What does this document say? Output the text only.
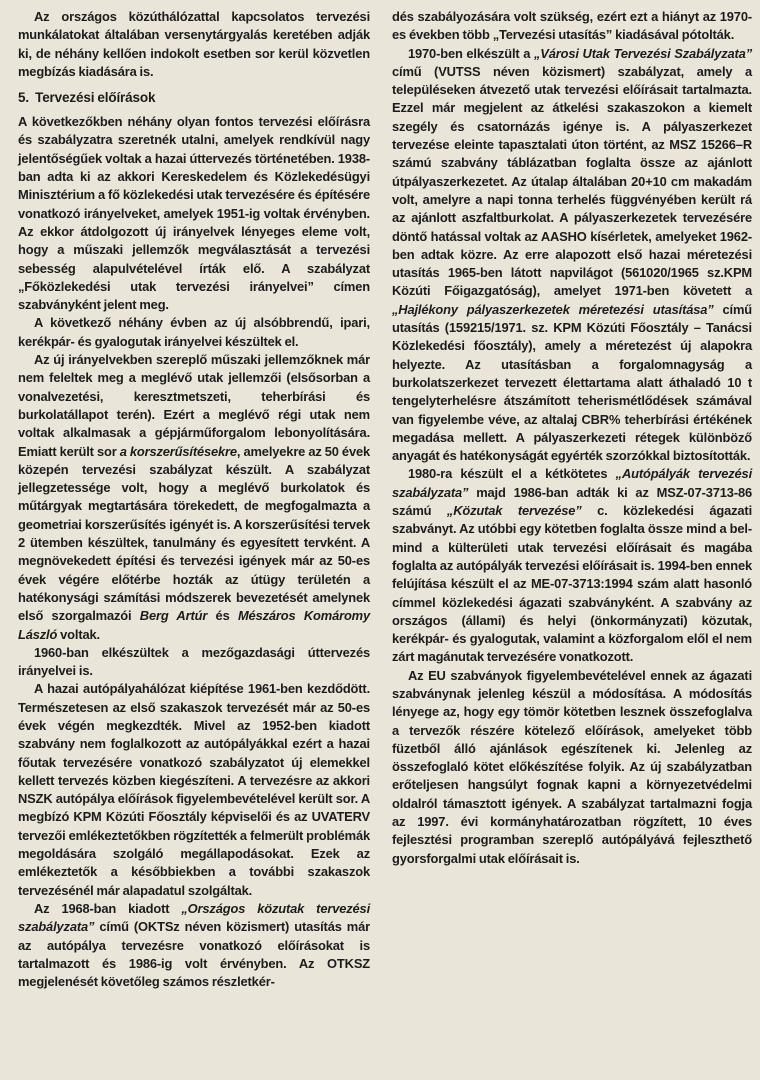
Az országos közúthálózattal kapcsolatos tervezési munkálatokat általában versenytárgyalás keretében adják ki, de néhány kellően indokolt esetben sor kerül közvetlen megbízás kiadására is.

5. Tervezési előírások

A következőkben néhány olyan fontos tervezési előírásra és szabályzatra szeretnék utalni, amelyek rendkívül nagy jelentőségűek voltak a hazai úttervezés történetében. 1938-ban adta ki az akkori Kereskedelem és Közlekedésügyi Minisztérium a fő közlekedési utak tervezésére és építésére vonatkozó irányelveket, amelyek 1951-ig voltak érvényben. Az ekkor átdolgozott új irányelvek lényeges eleme volt, hogy a műszaki jellemzők megválasztását a tervezési sebesség alapulvételével írták elő. A szabályzat „Főközlekedési utak tervezési irányelvei” címen szabványként jelent meg.

A következő néhány évben az új alsóbbrendű, ipari, kerékpár- és gyalogutak irányelvei készültek el.

Az új irányelvekben szereplő műszaki jellemzőknek már nem feleltek meg a meglévő utak jellemzői (elsősorban a vonalvezetési, keresztmetszeti, teherbírási és burkolatállapot terén). Ezért a meglévő régi utak nem voltak alkalmasak a gépjárműforgalom lebonyolítására. Emiatt került sor a korszerűsítésekre, amelyekre az 50 évek közepén tervezési szabályzat készült. A szabályzat jellegzetessége volt, hogy a meglévő burkolatok és műtárgyak megtartására törekedett, de megfogalmazta a geometriai korszerűsítés igényét is. A korszerűsítési tervek 2 ütemben készültek, tanulmány és egyesített tervként. A megnövekedett építési és tervezési igények már az 50-es évek végére előtérbe hozták az útügy területén a hatékonysági számítási módszerek bevezetését amelynek első szorgalmazói Berg Artúr és Mészáros Komáromy László voltak.

1960-ban elkészültek a mezőgazdasági úttervezés irányelvei is.

A hazai autópályahálózat kiépítése 1961-ben kezdődött. Természetesen az első szakaszok tervezését már az 50-es évek végén megkezdték. Mivel az 1952-ben kiadott szabvány nem foglalkozott az autópályákkal ezért a hazai főutak tervezésére vonatkozó szabályzatot új elemekkel kellett tervezés közben kiegészíteni. A tervezésre az akkori NSZK autópálya előírások figyelembevételével került sor. A megbízó KPM Közúti Főosztály képviselői és az UVATERV tervezői emlékeztetőkben rögzítették a felmerült problémák megoldására szolgáló megállapodásokat. Ezek az emlékeztetők a későbbiekben a további szakaszok tervezésénél már alapadatul szolgáltak.

Az 1968-ban kiadott „Országos közutak tervezési szabályzata” című (OKTSz néven közismert) utasítás már az autópálya tervezésre vonatkozó előírásokat is tartalmazott és 1986-ig volt érvényben. Az OTKSZ megjelenését követőleg számos részletkér-

dés szabályozására volt szükség, ezért ezt a hiányt az 1970-es években több „Tervezési utasítás” kiadásával pótolták.

1970-ben elkészült a „Városi Utak Tervezési Szabályzata” című (VUTSS néven közismert) szabályzat, amely a településeken átvezető utak tervezési előírásait tartalmazta. Ezzel már megjelent az átkelési szakaszokon a kiemelt szegély és csatornázás igénye is. A pályaszerkezet tervezése eleinte tapasztalati úton történt, az MSZ 15266–R számú szabvány táblázatban foglalta össze az ajánlott útpályaszerkezetet. Az útalap általában 20+10 cm makadám volt, amelyre a napi tonna terhelés függvényében került rá az ajánlott aszfaltburkolat. A pályaszerkezetek tervezésére döntő hatással voltak az AASHO kísérletek, amelyeket 1962-ben adtak közre. Az erre alapozott első hazai méretezési utasítás 1965-ben látott napvilágot (561020/1965 sz.KPM Közúti Főigazgatóság), amelyet 1971-ben követett a „Hajlékony pályaszerkezetek méretezési utasítása” című utasítás (159215/1971. sz. KPM Közúti Főosztály – Tanácsi Közlekedési főosztály), amely a méretezést új alapokra helyezte. Az utasításban a forgalomnagyság a burkolatszerkezet tervezett élettartama alatt áthaladó 10 t tengelyterhelésre átszámított teherismétlődések számával van figyelembe véve, az altalaj CBR% teherbírási értékének megadása mellett. A pályaszerkezeti rétegek különböző anyagát és hatékonyságát egyérték szorzókkal biztosították.

1980-ra készült el a kétkötetes „Autópályák tervezési szabályzata” majd 1986-ban adták ki az MSZ-07-3713-86 számú „Közutak tervezése” c. közlekedési ágazati szabványt. Az utóbbi egy kötetben foglalta össze mind a bel- mind a külterületi utak tervezési előírásait és magába foglalta az autópályák tervezési előírásait is. 1994-ben ennek felújítása készült el az ME-07-3713:1994 szám alatt hasonló címmel közlekedési ágazati szabványként. A szabvány az országos (állami) és helyi (önkormányzati) közutak, kerékpár- és gyalogutak, valamint a közforgalom elől el nem zárt magánutak tervezésére vonatkozott.

Az EU szabványok figyelembevételével ennek az ágazati szabványnak jelenleg készül a módosítása. A módosítás lényege az, hogy egy tömör kötetben lesznek összefoglalva a tervezők részére kötelező előírások, amelyeket több füzetből álló ajánlások egészítenek ki. Jelenleg az összefoglaló kötet előkészítése folyik. Az új szabályzatban erőteljesen hangsúlyt fognak kapni a környezetvédelmi oldalról támasztott igények. A szabályzat tartalmazni fogja az 1997. évi kormányhatározatban rögzített, 10 éves fejlesztési programban szereplő autópályává fejleszthető gyorsforgalmi utak előírásait is.
